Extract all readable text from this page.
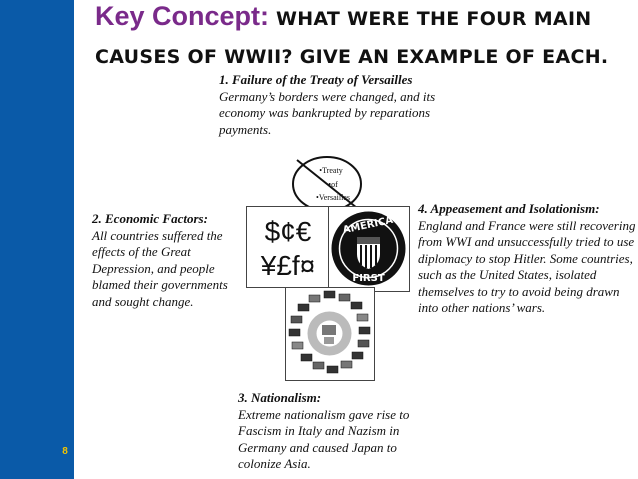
8
Key Concept: WHAT WERE THE FOUR MAIN CAUSES OF WWII? GIVE AN EXAMPLE OF EACH.
1. Failure of the Treaty of Versailles
Germany’s borders were changed, and its economy was bankrupted by reparations payments.
2. Economic Factors:
All countries suffered the effects of the Great Depression, and people blamed their governments and sought change.
3. Nationalism:
Extreme nationalism gave rise to Fascism in Italy and Nazism in Germany and caused Japan to colonize Asia.
4. Appeasement and Isolationism:
England and France were still recovering from WWI and unsuccessfully tried to use diplomacy to stop Hitler. Some countries, such as the United States, isolated themselves to try to avoid being drawn into other nations’ wars.
•Treaty
•of
•Versailles
$¢€
¥£f¤
AMERICA
FIRST
